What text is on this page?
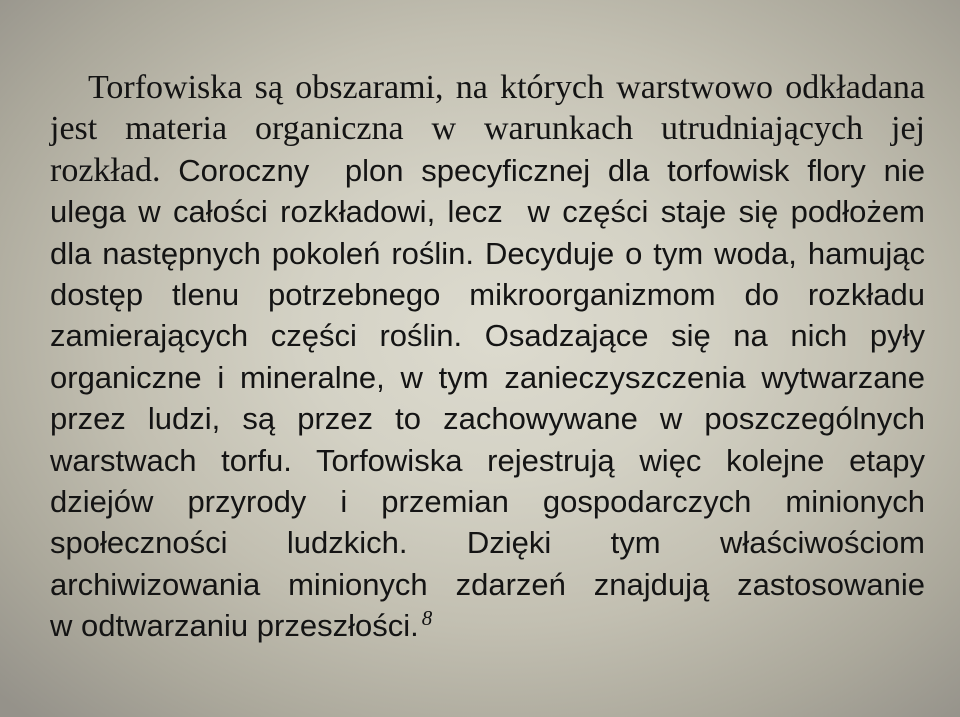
Torfowiska są obszarami, na których warstwowo odkładana
jest materia organiczna w warunkach utrudniających jej
rozkład. Coroczny  plon specyficznej dla torfowisk flory nie
ulega w całości rozkładowi, lecz  w części staje się podłożem
dla następnych pokoleń roślin. Decyduje o tym woda, hamując
dostęp tlenu potrzebnego mikroorganizmom do rozkładu
zamierających części roślin. Osadzające się na nich pyły
organiczne i mineralne, w tym zanieczyszczenia wytwarzane
przez ludzi, są przez to zachowywane w poszczególnych
warstwach torfu. Torfowiska rejestrują więc kolejne etapy
dziejów przyrody i przemian gospodarczych minionych
społeczności ludzkich. Dzięki tym właściwościom
archiwizowania minionych zdarzeń znajdują zastosowanie
w odtwarzaniu przeszłości. $^8$
